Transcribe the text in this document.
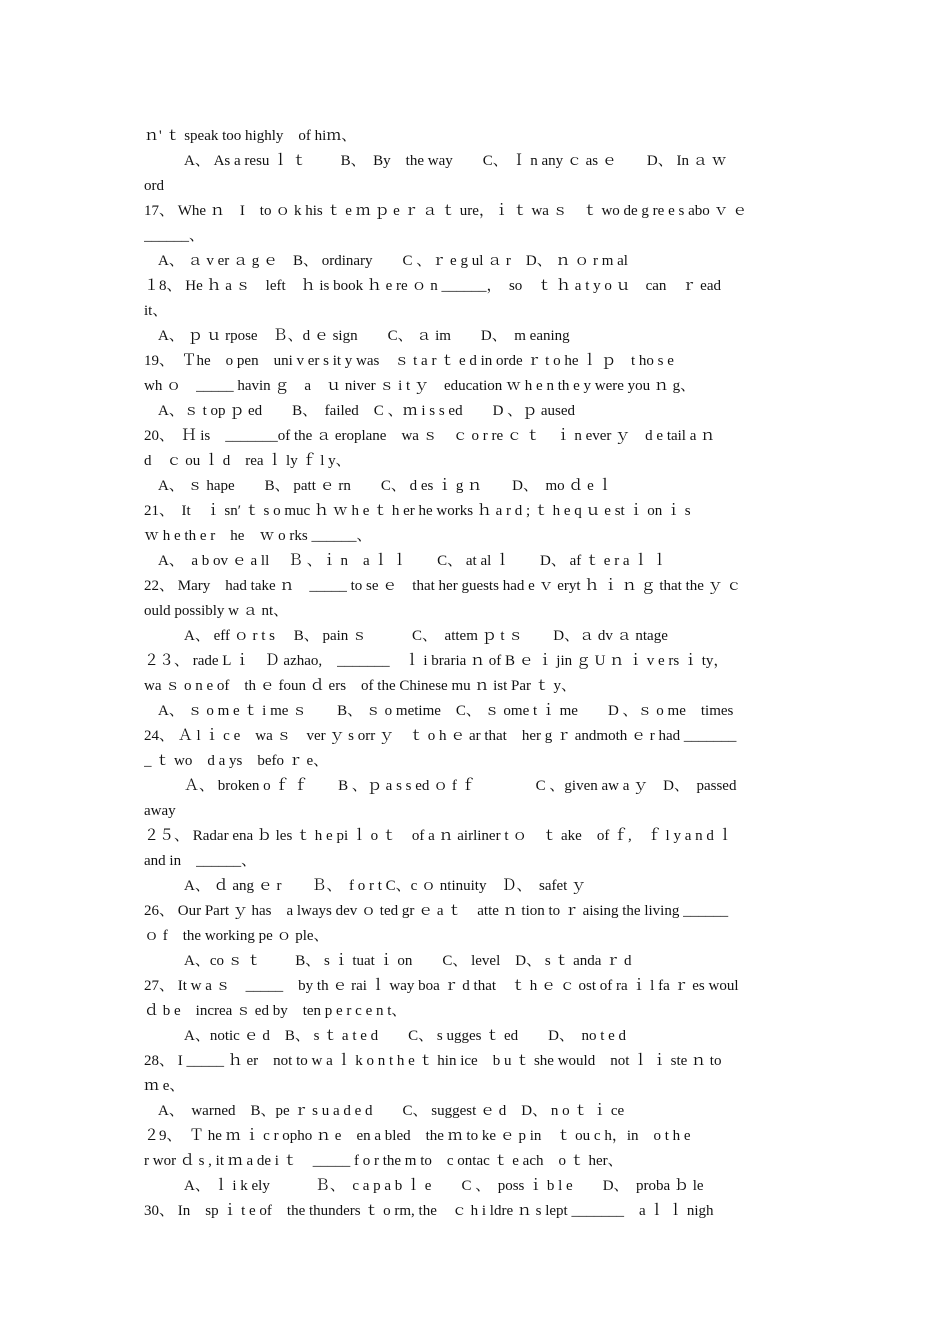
ｎ' ｔ speak too highly　of hiｍ、
A、 As a resu ｌ ｔ　　 B、　By　the way　　C、 Ｉ n any ｃ as ｅ　　D、 In ａ ｗ
ord
17、 Whe ｎ　I　to ｏ k his ｔ e ｍ ｐ e ｒ ａ ｔ ure，ｉ ｔ wa ｓ　ｔ wo de g re e s abo ｖ ｅ
______、
A、 ａ v er ａ g ｅ　B、 ordinary　　C 、ｒ e g ul ａ r　D、 ｎ ｏ r m al
１8、 He ｈ a ｓ　left　ｈ is book ｈ e re ｏ n ______，　so　ｔ ｈ a t y o ｕ　can　ｒ ead
it、
A、 ｐ ｕ rpose　Ｂ、d ｅ sign　　C、 ａ im　　D、　m eaning
19、　Ｔhe　o pen　uni v er s it y was　ｓ t a r ｔ e d in orde ｒ t o he ｌ ｐ　t ho s e
wh ｏ　_____ havin ｇ　a　ｕ niver ｓ i t ｙ　education ｗ h e n th e y were you ｎ g、
A、ｓ t op ｐ ed　　B、　failed　C 、ｍ i s s ed　　D 、ｐ aused
20、　Ｈ is　_______of the ａ eroplane　wa ｓ　ｃ o r re ｃ ｔ　ｉ n ever ｙ　d e tail a ｎ
d　ｃ ou ｌ d　rea ｌ ly ｆ l y、
A、 ｓ hape　　B、 patt ｅ rn　　C、 d es ｉ g ｎ　　D、　mo ｄ e ｌ
21、　It　ｉ sn′ ｔ s o muc ｈ ｗ h e ｔ h er he works ｈ a r d ; ｔ h e q ｕ e st ｉ on ｉ s
ｗ h e th e r　he　ｗ o rks ______、
A、　a b ov ｅ a ll　 Ｂ 、ｉ n　a ｌ ｌ　　C、 at al ｌ　　D、 af ｔ e r a ｌ ｌ
22、 Mary　had take ｎ　_____ to se ｅ　that her guests had e ｖ eryt ｈ ｉ ｎ ｇ that the ｙ ｃ
ould possibly w ａ nt、
A、 eff ｏ r t s　 B、 pain ｓ　　　C、　attem ｐ t ｓ　　D、ａ dv ａ ntage
２３、 rade L ｉ　Ｄ azhao,　_______　ｌ i braria ｎ of B ｅ ｉ jin ｇ U ｎ ｉ v e rs ｉ ty，
wa ｓ o n e of　th ｅ foun ｄ ers　of the Chinese mu ｎ ist Par ｔ y、
A、 ｓ o m e ｔ i me ｓ　　B、 ｓ o metime　C、 ｓ ome t ｉ me　　D 、ｓ o me　times
24、 Ａ l ｉ c e　wa ｓ　ver ｙ s orr ｙ　ｔ o h ｅ ar that　her g ｒ andmoth ｅ r had _______
_ ｔ wo　d a ys　befo ｒ e、
Ａ、 broken o ｆ ｆ　　B 、ｐ a s s ed ｏ f ｆ　　　　C 、given aw a ｙ　D、　passed
away
２５、 Radar ena ｂ les ｔ h e pi ｌ o ｔ　of a ｎ airliner t ｏ　ｔ ake　of ｆ,　ｆ l y a n d ｌ
and in　______、
A、 ｄ ang ｅ r　　Ｂ、　f o r t C、c ｏ ntinuity　Ｄ、　safet ｙ
26、 Our Part ｙ has　a lways dev ｏ ted gr ｅ a ｔ　atte ｎ tion to ｒ aising the living ______
ｏ f　the working pe ｏ ple、
A、co ｓ ｔ　　 B、 s ｉ tuat ｉ on　　C、 level　D、 s ｔ anda ｒ d
27、 It w a ｓ　_____　by th ｅ rai ｌ way boa ｒ d that　ｔ h ｅ ｃ ost of ra ｉ l fa ｒ es woul
ｄ b e　increa ｓ ed by　ten p e r c e n t、
A、notic ｅ d　B、 s ｔ a t e d　　C、 s ugges ｔ ed　　D、　no t e d
28、 I _____ ｈ er　not to w a ｌ k o n t h e ｔ hin ice　b u ｔ she would　not ｌ ｉ ste ｎ to
ｍ e、
A、　warned　B、pe ｒ s u a d e d　　C、 suggest ｅ d　D、 n o ｔ ｉ ce
２9、　Ｔ he ｍ ｉ c r opho ｎ e　en a bled　the ｍ to ke ｅ p in　ｔ ou c h，in　o t h e
r wor ｄ s , it ｍ a de i ｔ　_____ f o r the m to　c ontac ｔ e ach　o ｔ her、
A、 ｌ i k ely　　　Ｂ、　c a p a b ｌ e　　C 、　poss ｉ b l e　　D、　proba ｂ le
30、 In　sp ｉ t e of　the thunders ｔ o rm, the　ｃ h i ldre ｎ s lept _______　a ｌ ｌ nigh
